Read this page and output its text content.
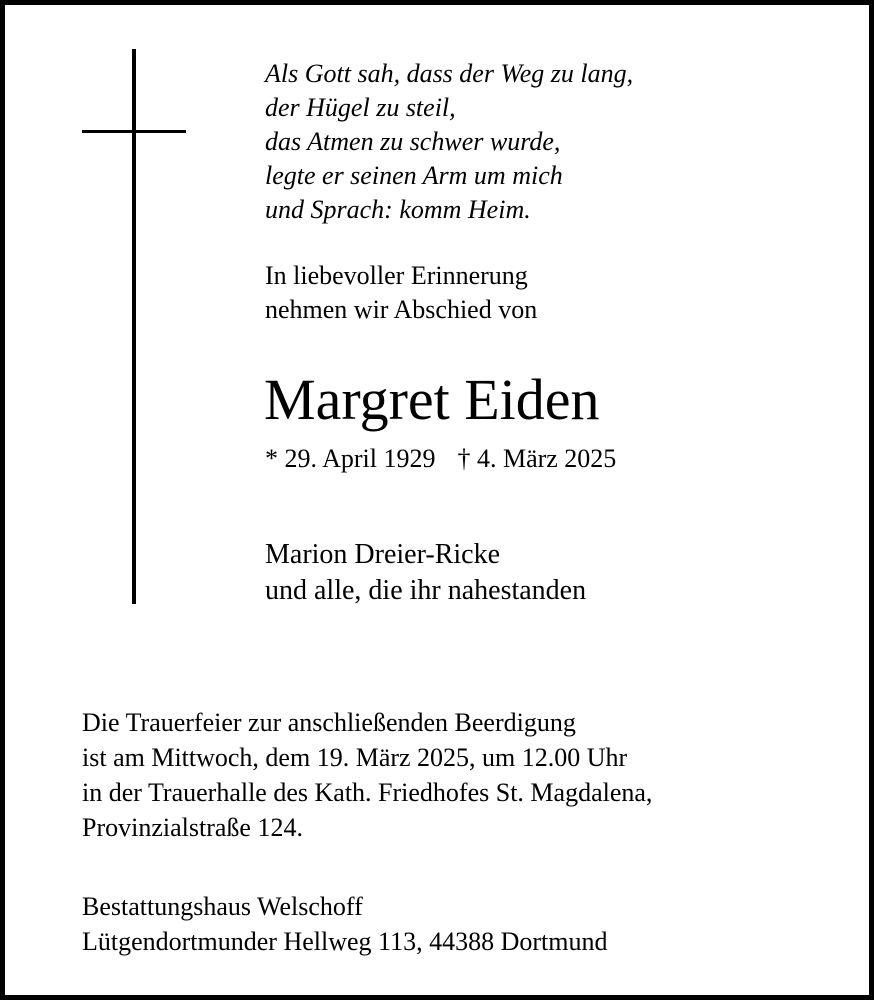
Als Gott sah, dass der Weg zu lang,
der Hügel zu steil,
das Atmen zu schwer wurde,
legte er seinen Arm um mich
und Sprach: komm Heim.

In liebevoller Erinnerung
nehmen wir Abschied von
Margret Eiden
* 29. April 1929 † 4. März 2025
Marion Dreier-Ricke
und alle, die ihr nahestanden
Die Trauerfeier zur anschließenden Beerdigung
ist am Mittwoch, dem 19. März 2025, um 12.00 Uhr
in der Trauerhalle des Kath. Friedhofes St. Magdalena,
Provinzialstraße 124.
Bestattungshaus Welschoff
Lütgendortmunder Hellweg 113, 44388 Dortmund
